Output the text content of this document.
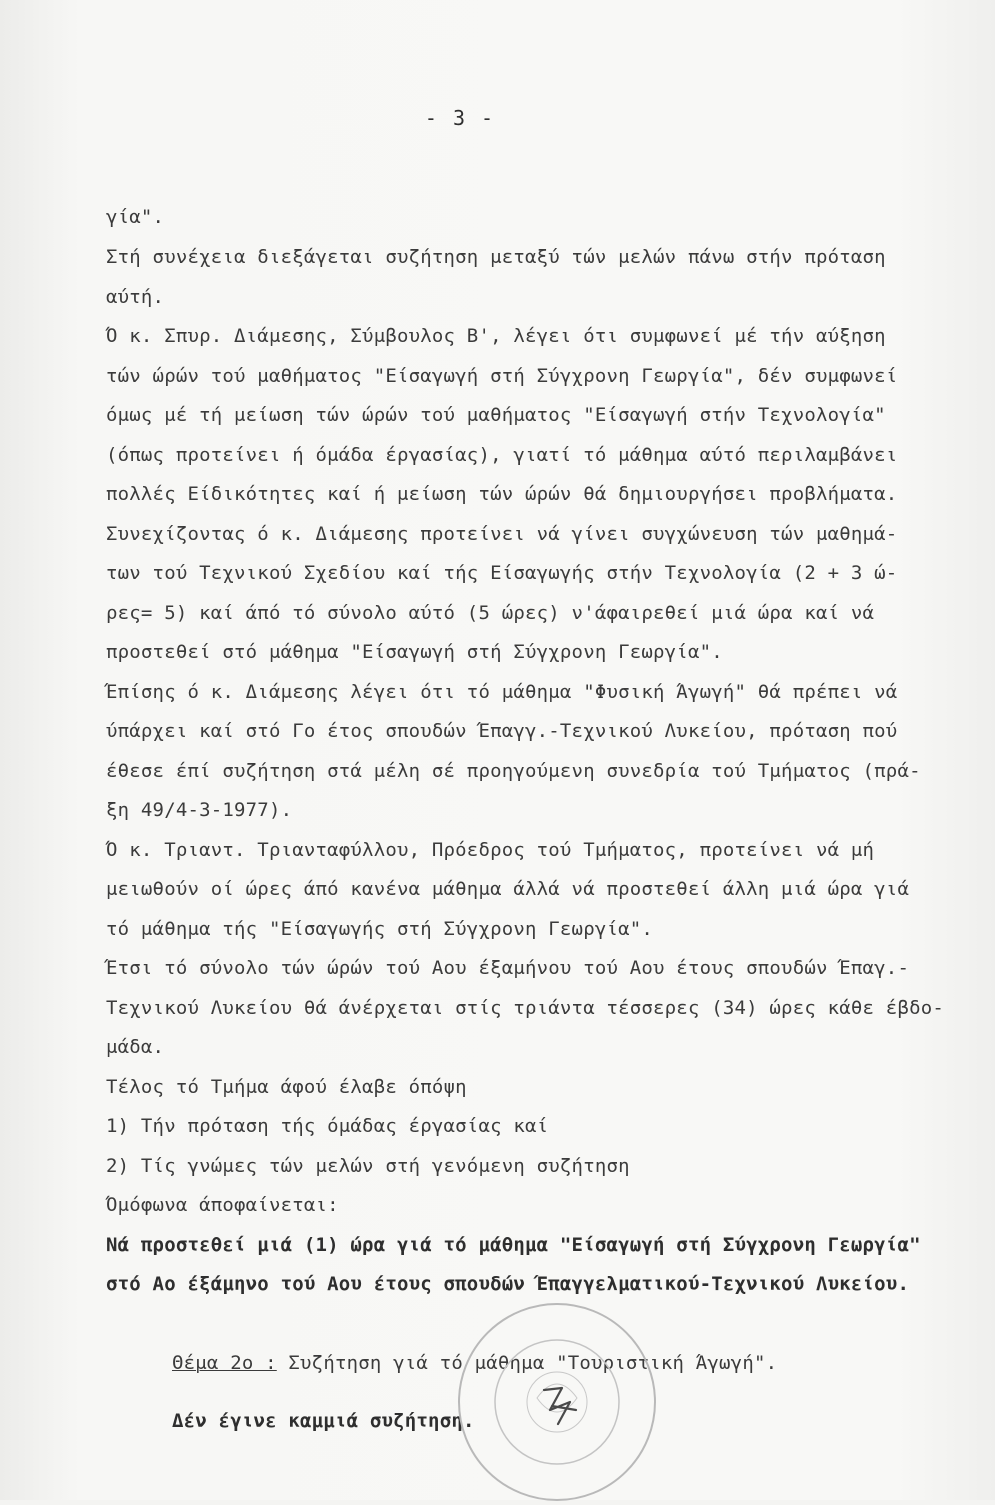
- 3 -
γία".
Στή συνέχεια διεξάγεται συζήτηση μεταξύ τών μελών πάνω στήν πρόταση
αύτή.
Ό κ. Σπυρ. Διάμεσης, Σύμβουλος Β', λέγει ότι συμφωνεί μέ τήν αύξηση
τών ώρών τού μαθήματος "Είσαγωγή στή Σύγχρονη Γεωργία", δέν συμφωνεί
όμως μέ τή μείωση τών ώρών τού μαθήματος "Είσαγωγή στήν Τεχνολογία"
(όπως προτείνει ή όμάδα έργασίας), γιατί τό μάθημα αύτό περιλαμβάνει
πολλές Είδικότητες καί ή μείωση τών ώρών θά δημιουργήσει προβλήματα.
Συνεχίζοντας ό κ. Διάμεσης προτείνει νά γίνει συγχώνευση τών μαθημά-
των τού Τεχνικού Σχεδίου καί τής Είσαγωγής στήν Τεχνολογία (2 + 3 ώ-
ρες= 5) καί άπό τό σύνολο αύτό (5 ώρες) ν'άφαιρεθεί μιά ώρα καί νά
προστεθεί στό μάθημα "Είσαγωγή στή Σύγχρονη Γεωργία".
Έπίσης ό κ. Διάμεσης λέγει ότι τό μάθημα "Φυσική Άγωγή" θά πρέπει νά
ύπάρχει καί στό Γο έτος σπουδών Έπαγγ.-Τεχνικού Λυκείου, πρόταση πού
έθεσε έπί συζήτηση στά μέλη σέ προηγούμενη συνεδρία τού Τμήματος (πρά-
ξη 49/4-3-1977).
Ό κ. Τριαντ. Τριανταφύλλου, Πρόεδρος τού Τμήματος, προτείνει νά μή
μειωθούν οί ώρες άπό κανένα μάθημα άλλά νά προστεθεί άλλη μιά ώρα γιά
τό μάθημα τής "Είσαγωγής στή Σύγχρονη Γεωργία".
Έτσι τό σύνολο τών ώρών τού Αου έξαμήνου τού Αου έτους σπουδών Έπαγ.-
Τεχνικού Λυκείου θά άνέρχεται στίς τριάντα τέσσερες (34) ώρες κάθε έβδο-
μάδα.
Τέλος τό Τμήμα άφού έλαβε όπόψη
1) Τήν πρόταση τής όμάδας έργασίας καί
2) Τίς γνώμες τών μελών στή γενόμενη συζήτηση
Όμόφωνα άποφαίνεται:
Νά προστεθεί μιά (1) ώρα γιά τό μάθημα "Είσαγωγή στή Σύγχρονη Γεωργία"
στό Αο έξάμηνο τού Αου έτους σπουδών Έπαγγελματικού-Τεχνικού Λυκείου.
Θέμα 2ο : Συζήτηση γιά τό μάθημα "Τουριστική Άγωγή".
Δέν έγινε καμμιά συζήτηση.
